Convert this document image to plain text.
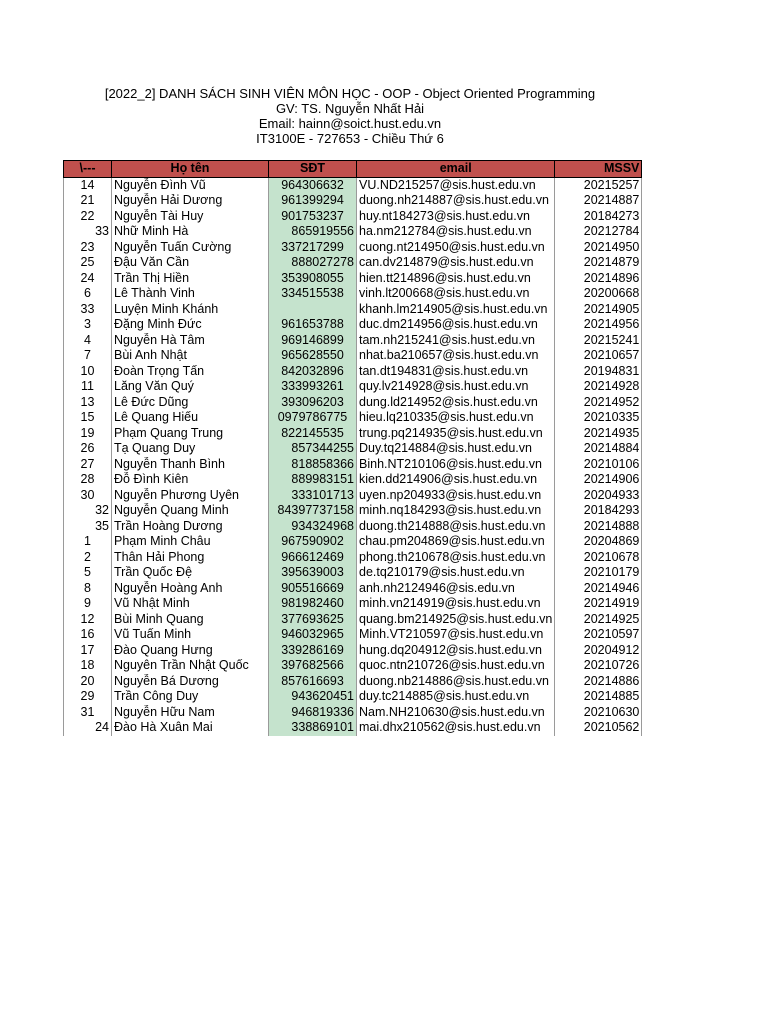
[2022_2] DANH SÁCH SINH VIÊN MÔN HỌC - OOP - Object Oriented Programming
GV: TS. Nguyễn Nhất Hải
Email: hainn@soict.hust.edu.vn
IT3100E - 727653 - Chiều Thứ 6
\---	Họ tên	SĐT	email	MSSV
14	Nguyễn Đình Vũ	964306632	VU.ND215257@sis.hust.edu.vn	20215257
21	Nguyễn Hải Dương	961399294	duong.nh214887@sis.hust.edu.vn	20214887
22	Nguyễn Tài Huy	901753237	huy.nt184273@sis.hust.edu.vn	20184273
33	Nhữ Minh Hà	865919556	ha.nm212784@sis.hust.edu.vn	20212784
23	Nguyễn Tuấn Cường	337217299	cuong.nt214950@sis.hust.edu.vn	20214950
25	Đậu Văn Cần	888027278	can.dv214879@sis.hust.edu.vn	20214879
24	Trần Thị Hiền	353908055	hien.tt214896@sis.hust.edu.vn	20214896
6	Lê Thành Vinh	334515538	vinh.lt200668@sis.hust.edu.vn	20200668
33	Luyện Minh Khánh		khanh.lm214905@sis.hust.edu.vn	20214905
3	Đặng Minh Đức	961653788	duc.dm214956@sis.hust.edu.vn	20214956
4	Nguyễn Hà Tâm	969146899	tam.nh215241@sis.hust.edu.vn	20215241
7	Bùi Anh Nhật	965628550	nhat.ba210657@sis.hust.edu.vn	20210657
10	Đoàn Trọng Tấn	842032896	tan.dt194831@sis.hust.edu.vn	20194831
11	Lăng Văn Quý	333993261	quy.lv214928@sis.hust.edu.vn	20214928
13	Lê Đức Dũng	393096203	dung.ld214952@sis.hust.edu.vn	20214952
15	Lê Quang Hiếu	0979786775	hieu.lq210335@sis.hust.edu.vn	20210335
19	Phạm Quang Trung	822145535	trung.pq214935@sis.hust.edu.vn	20214935
26	Tạ Quang Duy	857344255	Duy.tq214884@sis.hust.edu.vn	20214884
27	Nguyễn Thanh Bình	818858366	Binh.NT210106@sis.hust.edu.vn	20210106
28	Đỗ Đình Kiên	889983151	kien.dd214906@sis.hust.edu.vn	20214906
30	Nguyễn Phương Uyên	333101713	uyen.np204933@sis.hust.edu.vn	20204933
32	Nguyễn Quang Minh	84397737158	minh.nq184293@sis.hust.edu.vn	20184293
35	Trần Hoàng Dương	934324968	duong.th214888@sis.hust.edu.vn	20214888
1	Phạm Minh Châu	967590902	chau.pm204869@sis.hust.edu.vn	20204869
2	Thân Hải Phong	966612469	phong.th210678@sis.hust.edu.vn	20210678
5	Trần Quốc Đệ	395639003	de.tq210179@sis.hust.edu.vn	20210179
8	Nguyễn Hoàng Anh	905516669	anh.nh2124946@sis.edu.vn	20214946
9	Vũ Nhật Minh	981982460	minh.vn214919@sis.hust.edu.vn	20214919
12	Bùi Minh Quang	377693625	quang.bm214925@sis.hust.edu.vn	20214925
16	Vũ Tuấn Minh	946032965	Minh.VT210597@sis.hust.edu.vn	20210597
17	Đào Quang Hưng	339286169	hung.dq204912@sis.hust.edu.vn	20204912
18	Nguyên Trần Nhật Quốc	397682566	quoc.ntn210726@sis.hust.edu.vn	20210726
20	Nguyễn Bá Dương	857616693	duong.nb214886@sis.hust.edu.vn	20214886
29	Trần Công Duy	943620451	duy.tc214885@sis.hust.edu.vn	20214885
31	Nguyễn Hữu Nam	946819336	Nam.NH210630@sis.hust.edu.vn	20210630
24	Đào Hà Xuân Mai	338869101	mai.dhx210562@sis.hust.edu.vn	20210562
